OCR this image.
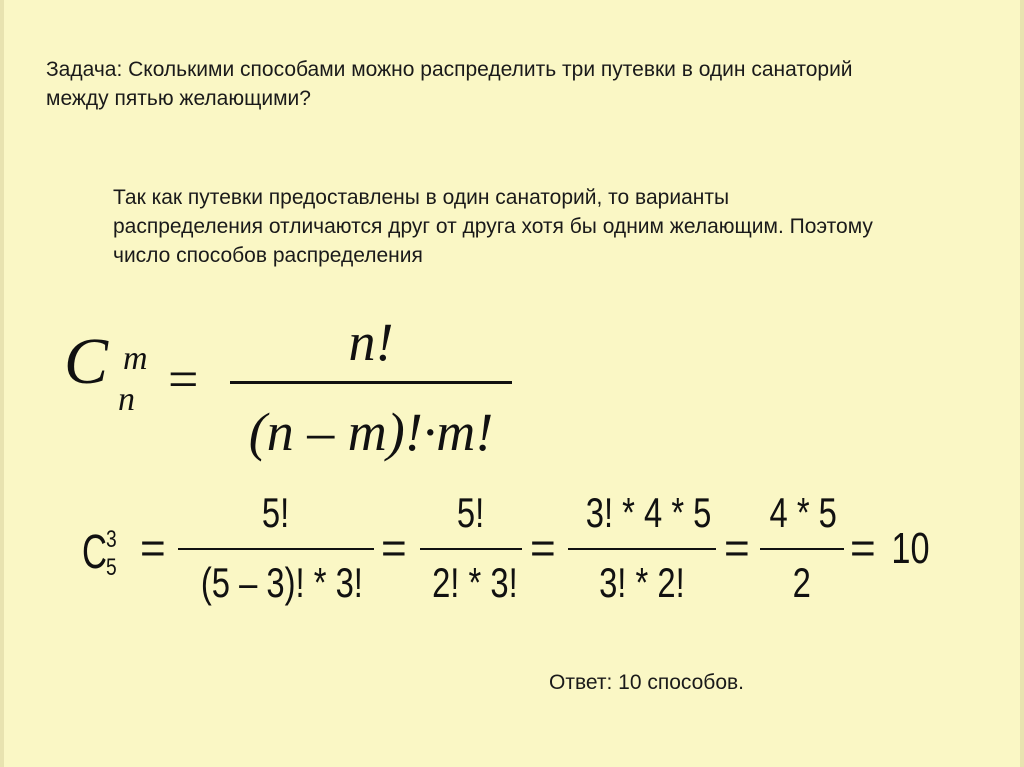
Задача: Сколькими способами можно распределить три путевки в один санаторий между пятью желающими?
Так как путевки предоставлены в один санаторий, то варианты распределения отличаются друг от друга хотя бы одним желающим. Поэтому число способов распределения
C m
n =
n!
(n – m)!·m!
C 3
5 =
5!
(5 – 3)! * 3!
=
5!
2! * 3!
=
3! * 4 * 5
3! * 2!
=
4 * 5
2
= 10
Ответ: 10 способов.
